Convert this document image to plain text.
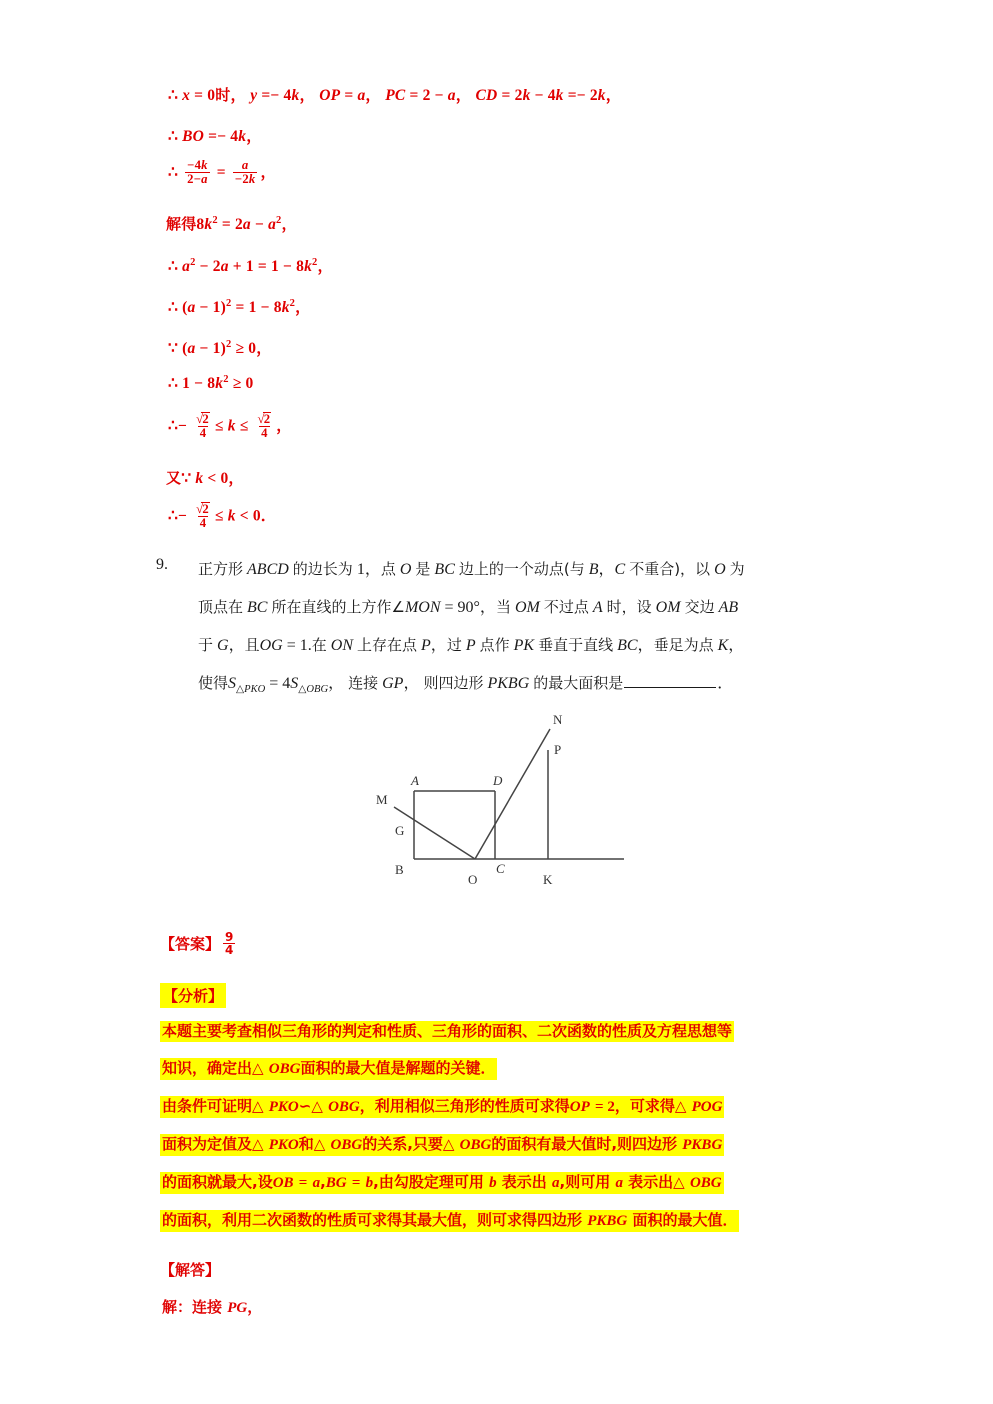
∴ x = 0时， y =− 4k， OP = a， PC = 2 − a， CD = 2k − 4k =− 2k，
∴ BO =− 4k，
∴ $\frac{-4k}{2-a} = \frac{a}{-2k}$ ，
解得$8k^2 = 2a - a^2$，
∴ $a^2 - 2a + 1 = 1 - 8k^2$，
∴ $(a - 1)^2 = 1 - 8k^2$，
∵ $(a - 1)^2 \ge 0$，
∴ $1 - 8k^2 \ge 0$
∴− $\frac{√2}{4} \le k \le \frac{√2}{4}$ ，
又∵ k < 0，
∴− $\frac{√2}{4} \le k < 0$．
9. 正方形 ABCD 的边长为 1，点 O 是 BC 边上的一个动点(与 B，C 不重合)，以 O 为
顶点在 BC 所在直线的上方作∠MON = 90°，当 OM 不过点 A 时，设 OM 交边 AB
于 G，且OG = 1.在 ON 上存在点 P，过 P 点作 PK 垂直于直线 BC，垂足为点 K，
使得$S_{\triangle PKO} = 4S_{\triangle OBG}$， 连接 GP， 则四边形 PKBG 的最大面积是	．
M
A	D
G
B
O
C
K
N
P
【答案】 $\frac{9}{4}$
【分析】
本题主要考查相似三角形的判定和性质、三角形的面积、二次函数的性质及方程思想等
知识，确定出△ OBG面积的最大值是解题的关键．
由条件可证明△ PKO∽△ OBG，利用相似三角形的性质可求得OP = 2，可求得△ POG
面积为定值及△ PKO和△ OBG的关系,只要△ OBG的面积有最大值时,则四边形 PKBG
的面积就最大,设OB = a,BG = b,由勾股定理可用 b 表示出 a,则可用 a 表示出△ OBG
的面积，利用二次函数的性质可求得其最大值，则可求得四边形 PKBG 面积的最大值．
【解答】
解：连接 PG，
